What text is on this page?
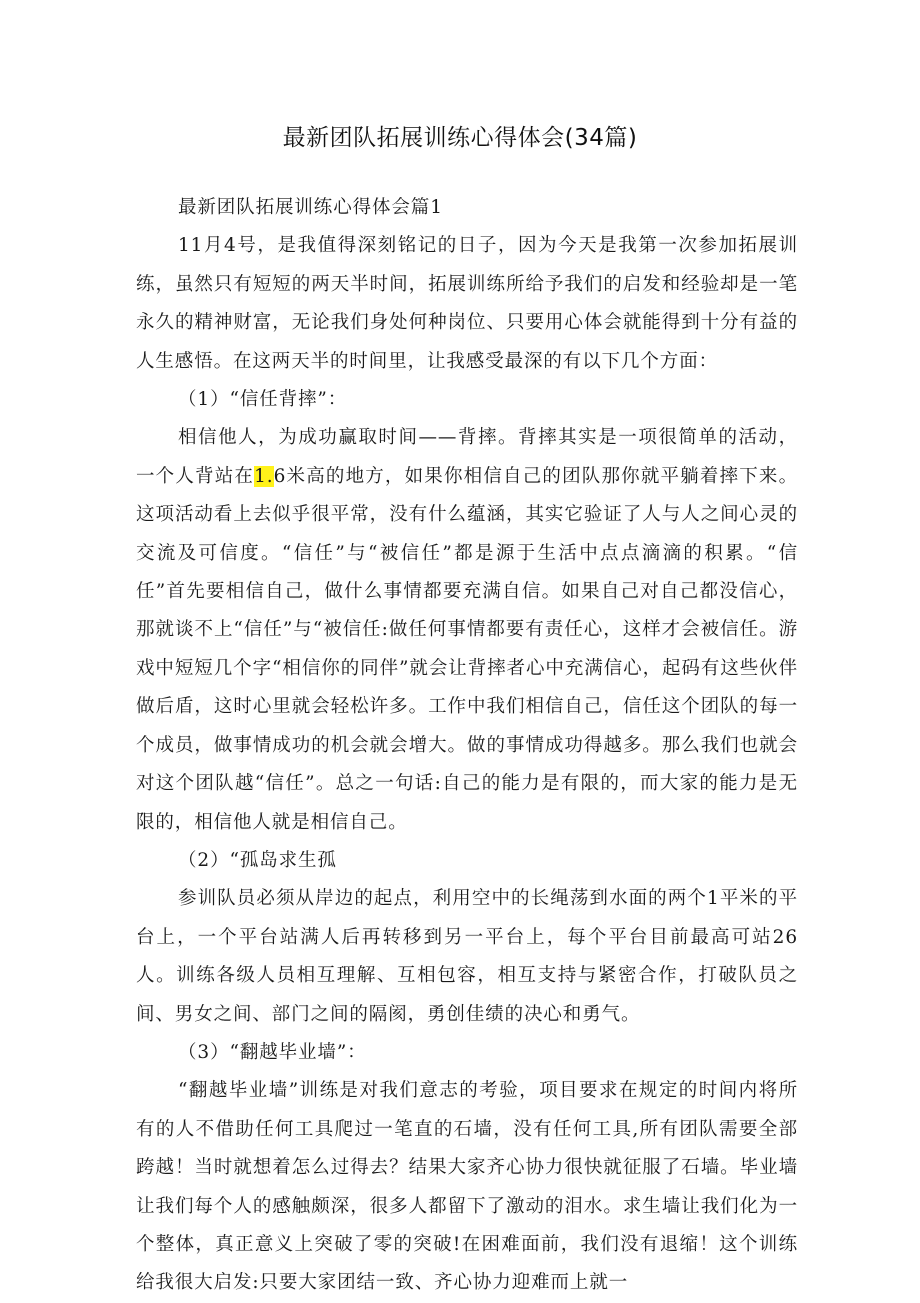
最新团队拓展训练心得体会(34篇)

最新团队拓展训练心得体会篇1

11月4号，是我值得深刻铭记的日子，因为今天是我第一次参加拓展训练，虽然只有短短的两天半时间，拓展训练所给予我们的启发和经验却是一笔永久的精神财富，无论我们身处何种岗位、只要用心体会就能得到十分有益的人生感悟。在这两天半的时间里，让我感受最深的有以下几个方面：

（1）“信任背摔”：

相信他人，为成功赢取时间——背摔。背摔其实是一项很简单的活动，一个人背站在1.6米高的地方，如果你相信自己的团队那你就平躺着摔下来。这项活动看上去似乎很平常，没有什么蕴涵，其实它验证了人与人之间心灵的交流及可信度。“信任”与“被信任”都是源于生活中点点滴滴的积累。“信任”首先要相信自己，做什么事情都要充满自信。如果自己对自己都没信心，那就谈不上“信任”与“被信任:做任何事情都要有责任心，这样才会被信任。游戏中短短几个字“相信你的同伴”就会让背摔者心中充满信心，起码有这些伙伴做后盾，这时心里就会轻松许多。工作中我们相信自己，信任这个团队的每一个成员，做事情成功的机会就会增大。做的事情成功得越多。那么我们也就会对这个团队越“信任”。总之一句话:自己的能力是有限的，而大家的能力是无限的，相信他人就是相信自己。

（2）“孤岛求生孤

参训队员必须从岸边的起点，利用空中的长绳荡到水面的两个1平米的平台上，一个平台站满人后再转移到另一平台上，每个平台目前最高可站26人。训练各级人员相互理解、互相包容，相互支持与紧密合作，打破队员之间、男女之间、部门之间的隔阂，勇创佳绩的决心和勇气。

（3）“翻越毕业墙”：

“翻越毕业墙”训练是对我们意志的考验，项目要求在规定的时间内将所有的人不借助任何工具爬过一笔直的石墙，没有任何工具,所有团队需要全部跨越！当时就想着怎么过得去？结果大家齐心协力很快就征服了石墙。毕业墙让我们每个人的感触颇深，很多人都留下了激动的泪水。求生墙让我们化为一个整体，真正意义上突破了零的突破!在困难面前，我们没有退缩！这个训练给我很大启发:只要大家团结一致、齐心协力迎难而上就一
